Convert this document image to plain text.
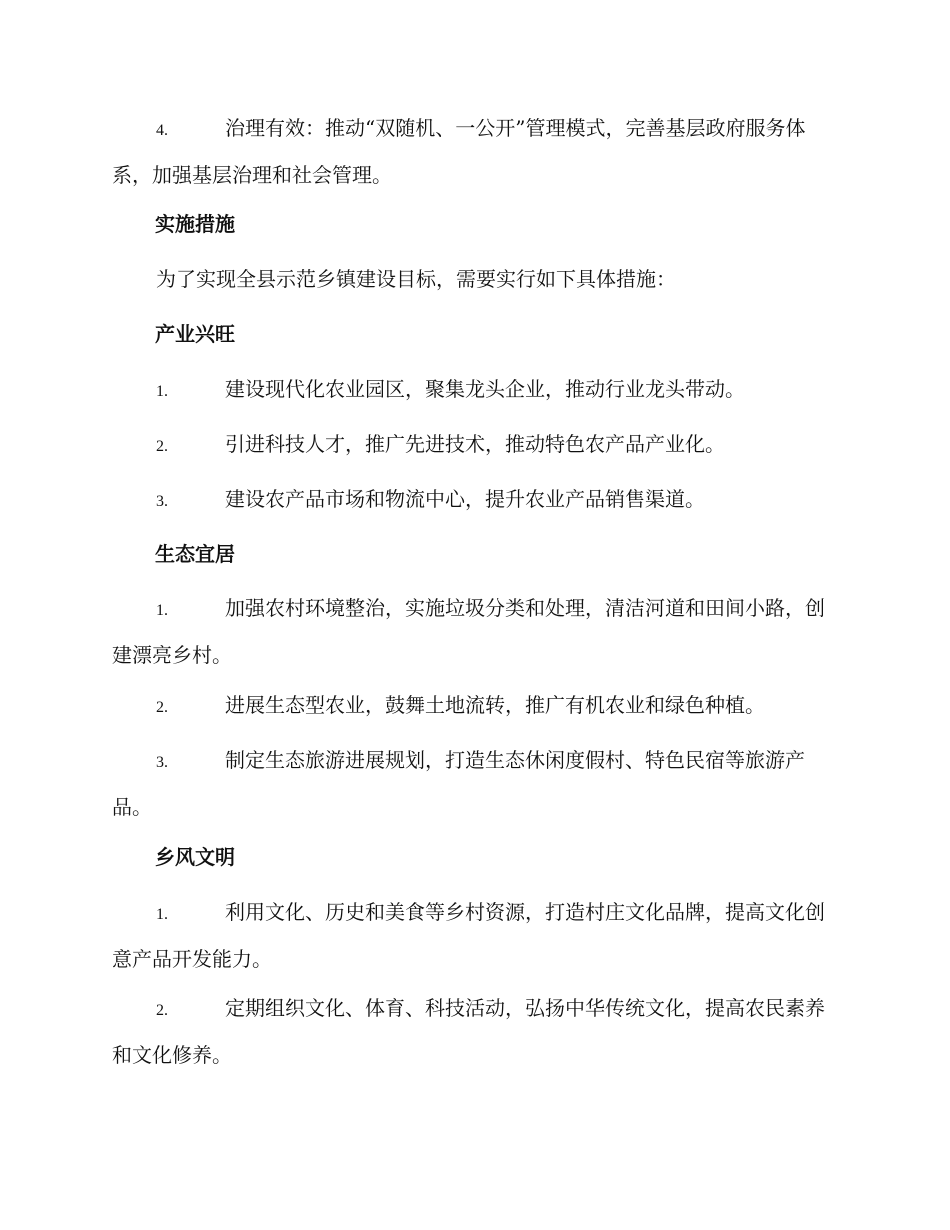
4.	治理有效：推动“双随机、一公开”管理模式，完善基层政府服务体系，加强基层治理和社会管理。

实施措施

为了实现全县示范乡镇建设目标，需要实行如下具体措施：

产业兴旺

1.	建设现代化农业园区，聚集龙头企业，推动行业龙头带动。

2.	引进科技人才，推广先进技术，推动特色农产品产业化。

3.	建设农产品市场和物流中心，提升农业产品销售渠道。

生态宜居

1.	加强农村环境整治，实施垃圾分类和处理，清洁河道和田间小路，创建漂亮乡村。

2.	进展生态型农业，鼓舞土地流转，推广有机农业和绿色种植。

3.	制定生态旅游进展规划，打造生态休闲度假村、特色民宿等旅游产品。

乡风文明

1.	利用文化、历史和美食等乡村资源，打造村庄文化品牌，提高文化创意产品开发能力。

2.	定期组织文化、体育、科技活动，弘扬中华传统文化，提高农民素养和文化修养。
